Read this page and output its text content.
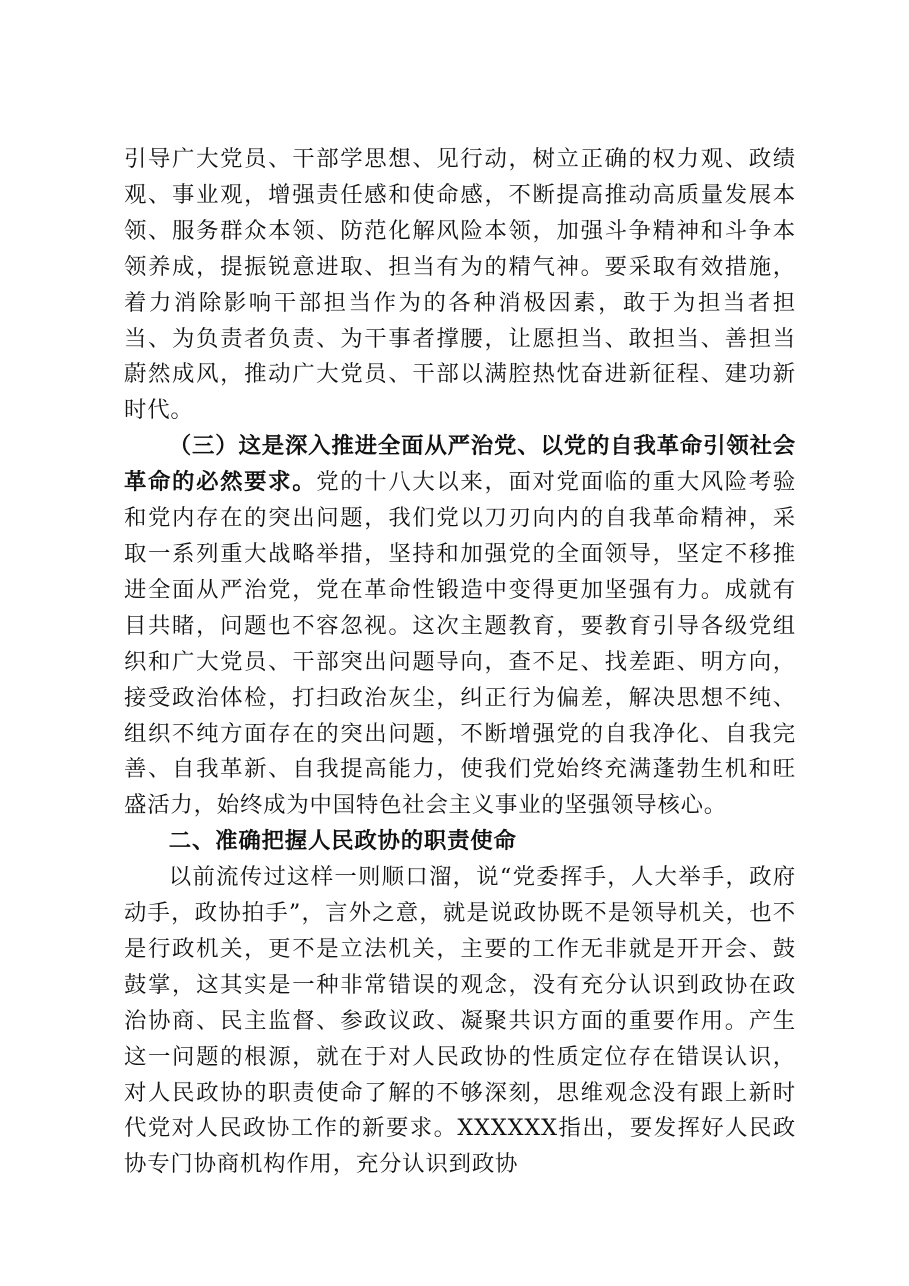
引导广大党员、干部学思想、见行动，树立正确的权力观、政绩观、事业观，增强责任感和使命感，不断提高推动高质量发展本领、服务群众本领、防范化解风险本领，加强斗争精神和斗争本领养成，提振锐意进取、担当有为的精气神。要采取有效措施，着力消除影响干部担当作为的各种消极因素，敢于为担当者担当、为负责者负责、为干事者撑腰，让愿担当、敢担当、善担当蔚然成风，推动广大党员、干部以满腔热忱奋进新征程、建功新时代。

（三）这是深入推进全面从严治党、以党的自我革命引领社会革命的必然要求。党的十八大以来，面对党面临的重大风险考验和党内存在的突出问题，我们党以刀刃向内的自我革命精神，采取一系列重大战略举措，坚持和加强党的全面领导，坚定不移推进全面从严治党，党在革命性锻造中变得更加坚强有力。成就有目共睹，问题也不容忽视。这次主题教育，要教育引导各级党组织和广大党员、干部突出问题导向，查不足、找差距、明方向，接受政治体检，打扫政治灰尘，纠正行为偏差，解决思想不纯、组织不纯方面存在的突出问题，不断增强党的自我净化、自我完善、自我革新、自我提高能力，使我们党始终充满蓬勃生机和旺盛活力，始终成为中国特色社会主义事业的坚强领导核心。

二、准确把握人民政协的职责使命

以前流传过这样一则顺口溜，说“党委挥手，人大举手，政府动手，政协拍手”，言外之意，就是说政协既不是领导机关，也不是行政机关，更不是立法机关，主要的工作无非就是开开会、鼓鼓掌，这其实是一种非常错误的观念，没有充分认识到政协在政治协商、民主监督、参政议政、凝聚共识方面的重要作用。产生这一问题的根源，就在于对人民政协的性质定位存在错误认识，对人民政协的职责使命了解的不够深刻，思维观念没有跟上新时代党对人民政协工作的新要求。XXXXXX指出，要发挥好人民政协专门协商机构作用，充分认识到政协
